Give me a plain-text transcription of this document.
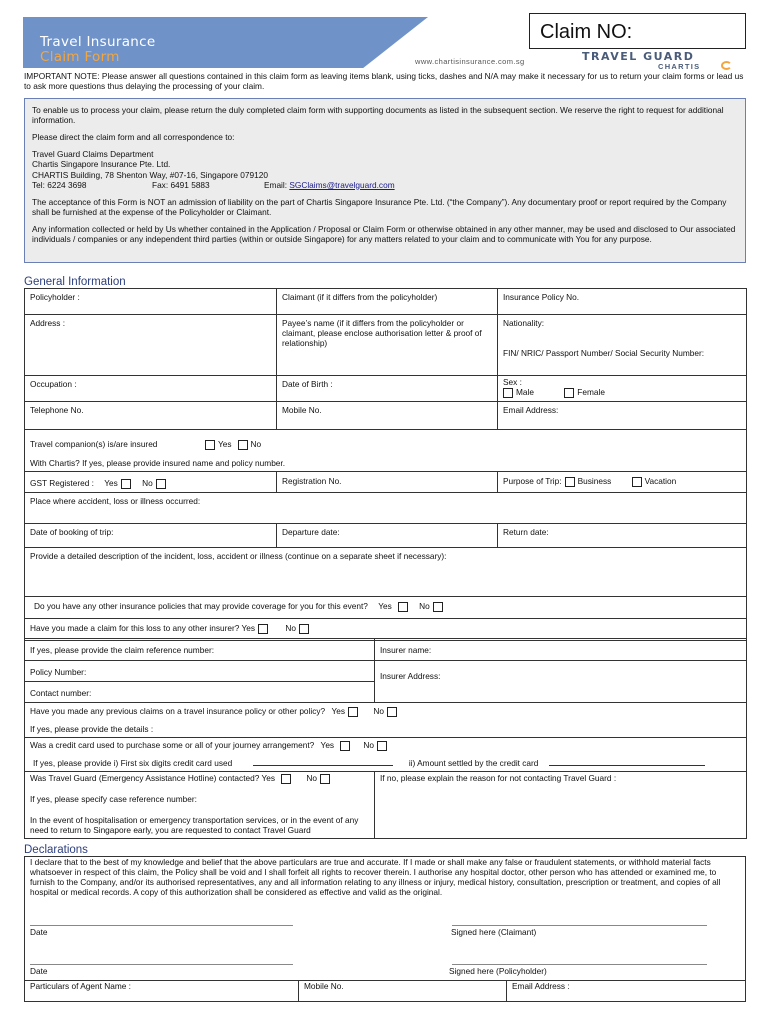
Travel Insurance
Claim Form
Claim NO:
www.chartisinsurance.com.sg	TRAVEL GUARD
CHARTIS
IMPORTANT NOTE: Please answer all questions contained in this claim form as leaving items blank, using ticks, dashes and N/A may make it necessary for us to return your claim forms or lead us to ask more questions thus delaying the processing of your claim.

To enable us to process your claim, please return the duly completed claim form with supporting documents as listed in the subsequent section. We reserve the right to request for additional information.

Please direct the claim form and all correspondence to:

Travel Guard Claims Department
Chartis Singapore Insurance Pte. Ltd.
CHARTIS Building, 78 Shenton Way, #07-16, Singapore 079120
Tel: 6224 3698	Fax: 6491 5883	Email: SGClaims@travelguard.com

The acceptance of this Form is NOT an admission of liability on the part of Chartis Singapore Insurance Pte. Ltd. (“the Company”). Any documentary proof or report required by the Company shall be furnished at the expense of the Policyholder or Claimant.

Any information collected or held by Us whether contained in the Application / Proposal or Claim Form or otherwise obtained in any other manner, may be used and disclosed to Our associated individuals / companies or any independent third parties (within or outside Singapore) for any matters related to your claim and to communicate with You for any purpose.

General Information
Policyholder :	Claimant (if it differs from the policyholder)	Insurance Policy No.
Address :	Payee’s name (if it differs from the policyholder or claimant, please enclose authorisation letter & proof of relationship)	Nationality:
FIN/ NRIC/ Passport Number/ Social Security Number:

Occupation :	Date of Birth :	Sex :
Male Female

Telephone No.	Mobile No.	Email Address:

Travel companion(s) is/are insured Yes No
With Chartis? If yes, please provide insured name and policy number.		

GST Registered : Yes No	Registration No.	Purpose of Trip: Business Vacation
Place where accident, loss or illness occurred:		
Date of booking of trip:	Departure date:	Return date:
Provide a detailed description of the incident, loss, accident or illness (continue on a separate sheet if necessary):		
Do you have any other insurance policies that may provide coverage for you for this event? Yes No		
Have you made a claim for this loss to any other insurer? Yes No		
If yes, please provide the claim reference number:	Insurer name:
Policy Number:	Insurer Address:
Contact number:	
Have you made any previous claims on a travel insurance policy or other policy? Yes	No
If yes, please provide the details :

Was a credit card used to purchase some or all of your journey arrangement? Yes	No
If yes, please provide i) First six digits credit card used	ii) Amount settled by the credit card

Was Travel Guard (Emergency Assistance Hotline) contacted? Yes	No
If yes, please specify case reference number:
In the event of hospitalisation or emergency transportation services, or in the event of any need to return to Singapore early, you are requested to contact Travel Guard
	If no, please explain the reason for not contacting Travel Guard :
Declarations
I declare that to the best of my knowledge and belief that the above particulars are true and accurate. If I made or shall make any false or fraudulent statements, or withhold material facts whatsoever in respect of this claim, the Policy shall be void and I shall forfeit all rights to recover therein. I authorise any hospital doctor, other person who has attended or examined me, to furnish to the Company, and/or its authorised representatives, any and all information relating to any illness or injury, medical history, consultation, prescription or treatment, and copies of all hospital or medical records. A copy of this authorization shall be considered as effective and valid as the original.
Date	Signed here (Claimant)
Date	Signed here (Policyholder)
Particulars of Agent Name :	Mobile No.	Email Address :
